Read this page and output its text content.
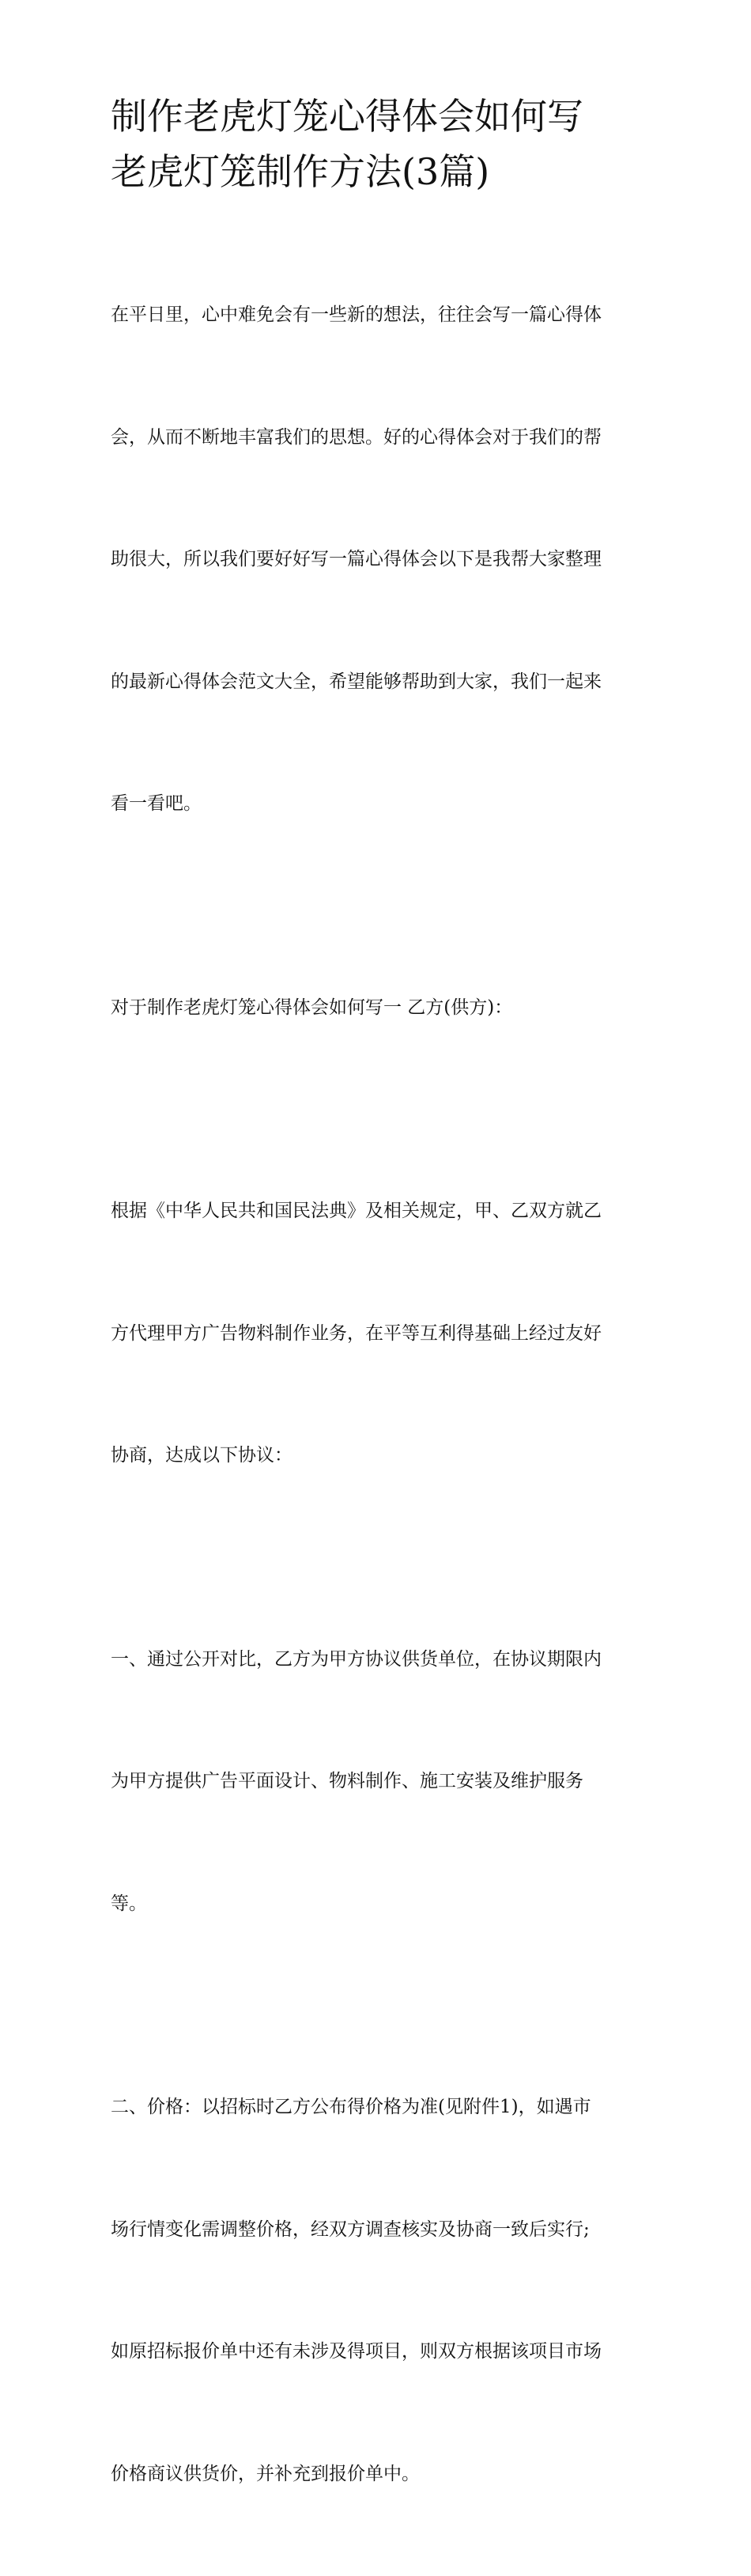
制作老虎灯笼心得体会如何写
老虎灯笼制作方法(3篇)

在平日里，心中难免会有一些新的想法，往往会写一篇心得体

会，从而不断地丰富我们的思想。好的心得体会对于我们的帮

助很大，所以我们要好好写一篇心得体会以下是我帮大家整理

的最新心得体会范文大全，希望能够帮助到大家，我们一起来

看一看吧。

对于制作老虎灯笼心得体会如何写一 乙方(供方)：

根据《中华人民共和国民法典》及相关规定，甲、乙双方就乙

方代理甲方广告物料制作业务，在平等互利得基础上经过友好

协商，达成以下协议：

一、通过公开对比，乙方为甲方协议供货单位，在协议期限内

为甲方提供广告平面设计、物料制作、施工安装及维护服务

等。

二、价格：以招标时乙方公布得价格为准(见附件1)，如遇市

场行情变化需调整价格，经双方调查核实及协商一致后实行;

如原招标报价单中还有未涉及得项目，则双方根据该项目市场

价格商议供货价，并补充到报价单中。
